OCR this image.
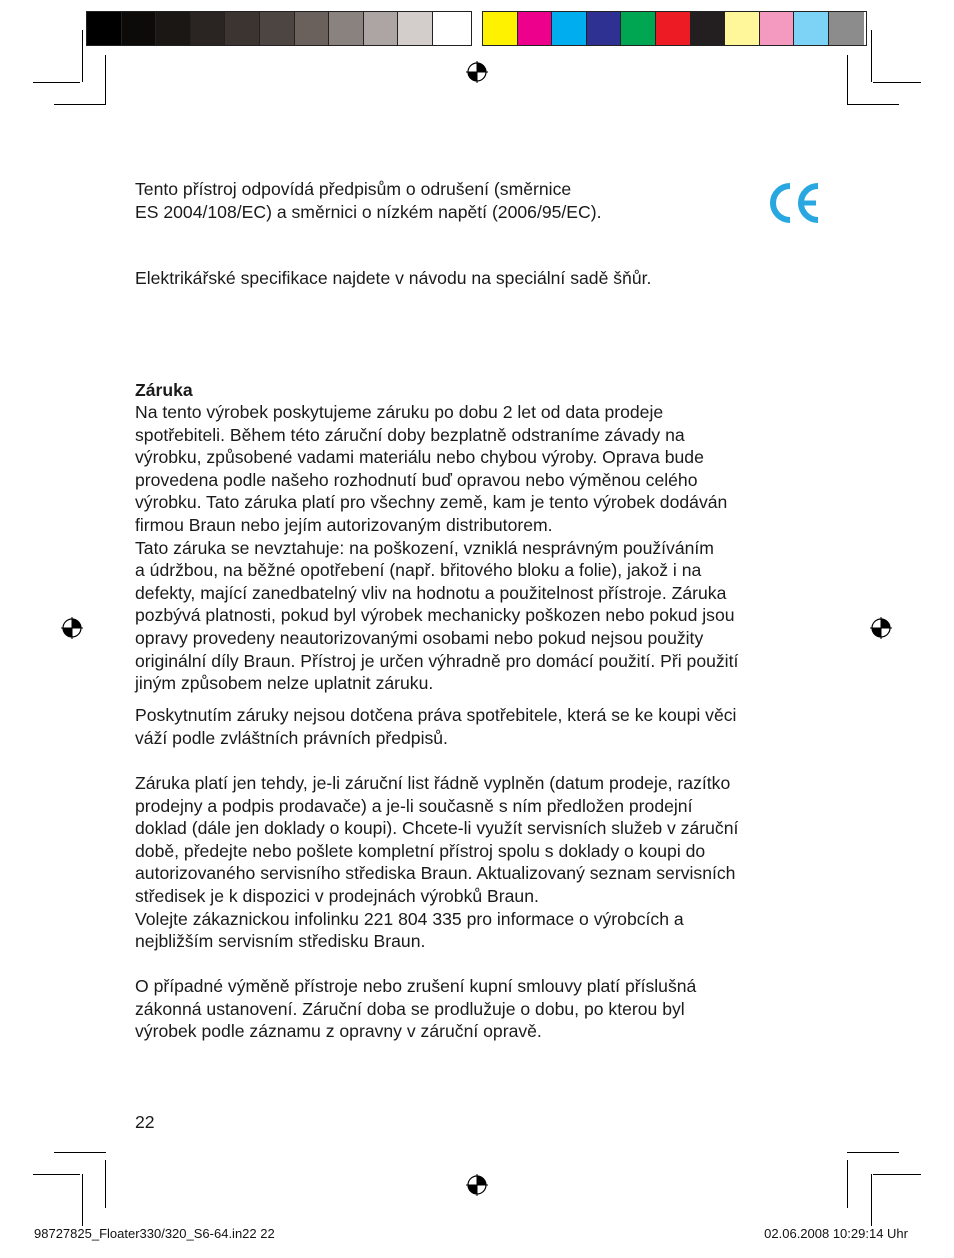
Tento přístroj odpovídá předpisům o odrušení (směrnice
ES 2004/108/EC) a směrnici o nízkém napětí (2006/95/EC).
Elektrikářské specifikace najdete v návodu na speciální sadě šňůr.
Záruka
Na tento výrobek poskytujeme záruku po dobu 2 let od data prodeje
spotřebiteli. Během této záruční doby bezplatně odstraníme závady na
výrobku, způsobené vadami materiálu nebo chybou výroby. Oprava bude
provedena podle našeho rozhodnutí buď opravou nebo výměnou celého
výrobku. Tato záruka platí pro všechny země, kam je tento výrobek dodáván
firmou Braun nebo jejím autorizovaným distributorem.
Tato záruka se nevztahuje: na poškození, vzniklá nesprávným používáním
a údržbou, na běžné opotřebení (např. břitového bloku a folie), jakož i na
defekty, mající zanedbatelný vliv na hodnotu a použitelnost přístroje. Záruka
pozbývá platnosti, pokud byl výrobek mechanicky poškozen nebo pokud jsou
opravy provedeny neautorizovanými osobami nebo pokud nejsou použity
originální díly Braun. Přístroj je určen výhradně pro domácí použití. Při použití
jiným způsobem nelze uplatnit záruku.
Poskytnutím záruky nejsou dotčena práva spotřebitele, která se ke koupi věci
váží podle zvláštních právních předpisů.
Záruka platí jen tehdy, je-li záruční list řádně vyplněn (datum prodeje, razítko
prodejny a podpis prodavače) a je-li současně s ním předložen prodejní
doklad (dále jen doklady o koupi). Chcete-li využít servisních služeb v záruční
době, předejte nebo pošlete kompletní přístroj spolu s doklady o koupi do
autorizovaného servisního střediska Braun. Aktualizovaný seznam servisních
středisek je k dispozici v prodejnách výrobků Braun.
Volejte zákaznickou infolinku 221 804 335 pro informace o výrobcích a
nejbližším servisním středisku Braun.
O případné výměně přístroje nebo zrušení kupní smlouvy platí příslušná
zákonná ustanovení. Záruční doba se prodlužuje o dobu, po kterou byl
výrobek podle záznamu z opravny v záruční opravě.
22
98727825_Floater330/320_S6-64.in22 22	02.06.2008 10:29:14 Uhr
